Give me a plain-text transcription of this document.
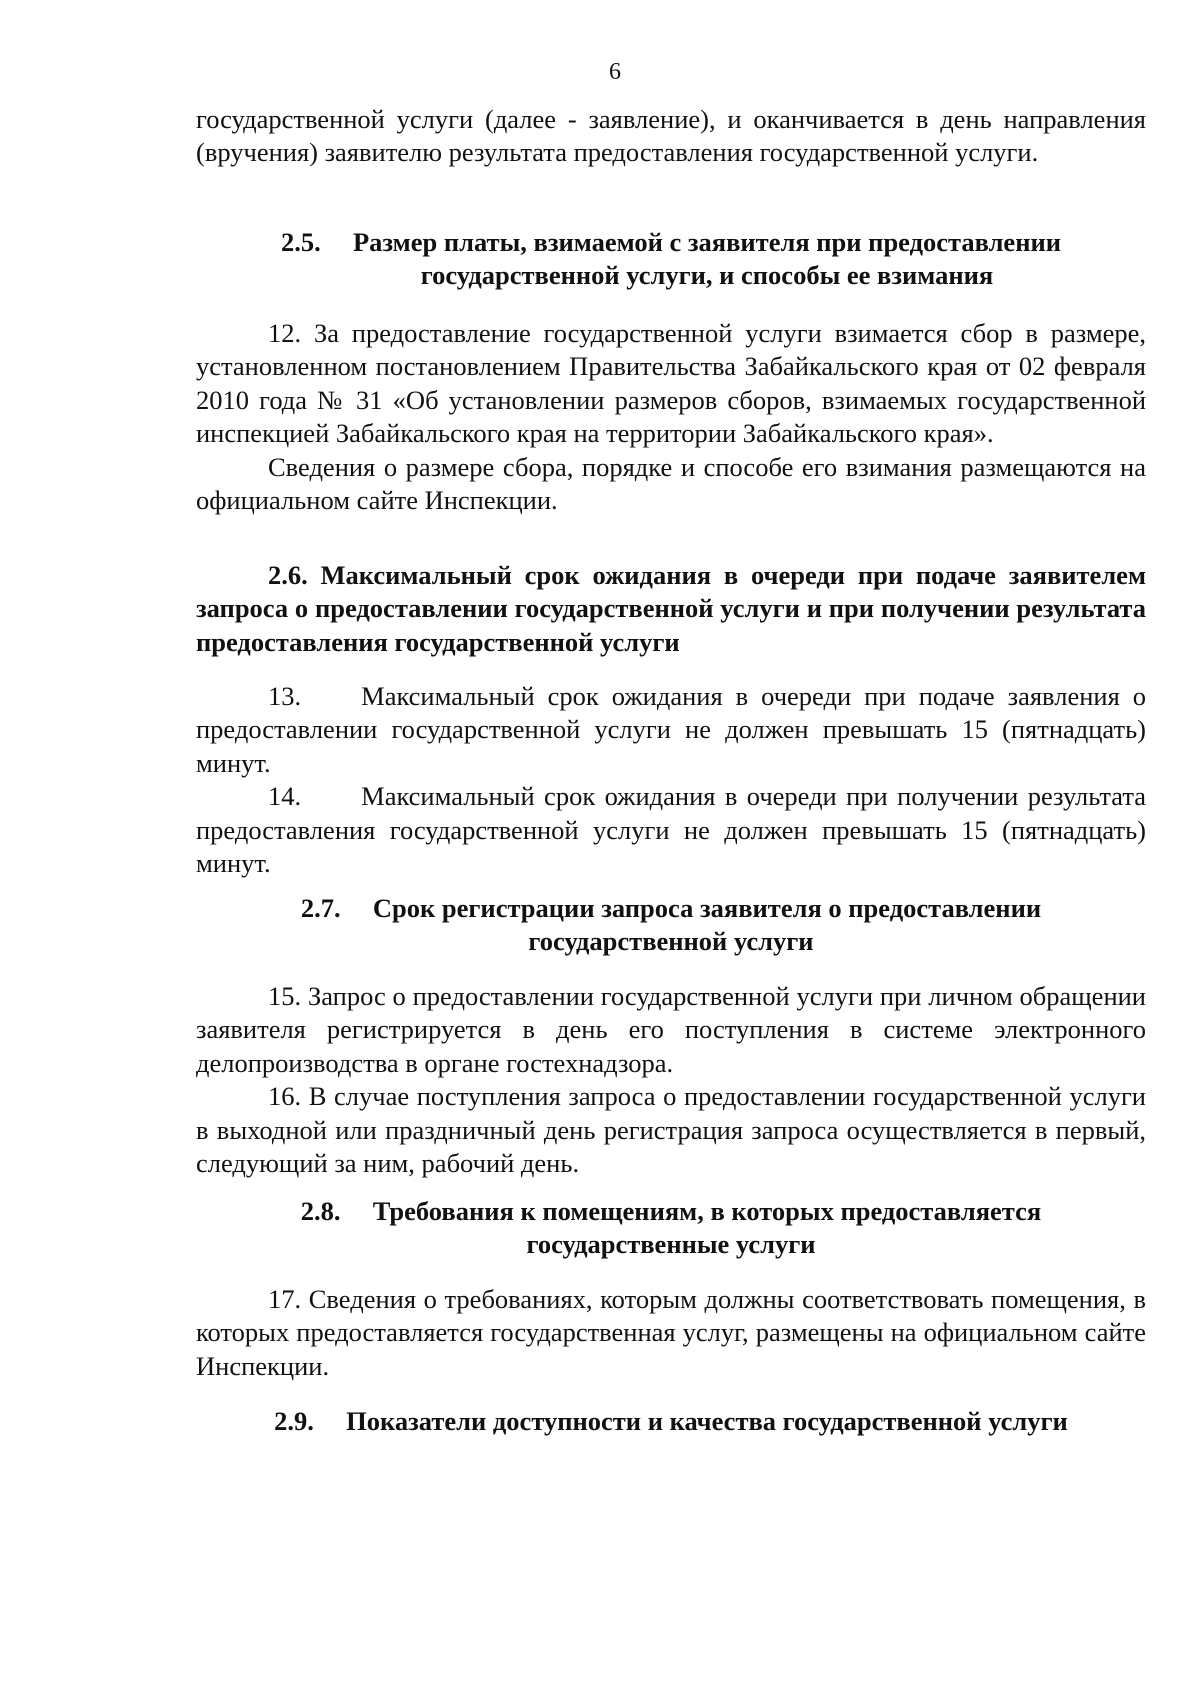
6

государственной услуги (далее - заявление), и оканчивается в день направления (вручения) заявителю результата предоставления государственной услуги.

2.5. Размер платы, взимаемой с заявителя при предоставлении
государственной услуги, и способы ее взимания

12. За предоставление государственной услуги взимается сбор в размере, установленном постановлением Правительства Забайкальского края от 02 февраля 2010 года № 31 «Об установлении размеров сборов, взимаемых государственной инспекцией Забайкальского края на территории Забайкальского края».

Сведения о размере сбора, порядке и способе его взимания размещаются на официальном сайте Инспекции.

2.6. Максимальный срок ожидания в очереди при подаче заявителем запроса о предоставлении государственной услуги и при получении результата предоставления государственной услуги

13. Максимальный срок ожидания в очереди при подаче заявления о предоставлении государственной услуги не должен превышать 15 (пятнадцать) минут.

14. Максимальный срок ожидания в очереди при получении результата предоставления государственной услуги не должен превышать 15 (пятнадцать) минут.

2.7. Срок регистрации запроса заявителя о предоставлении
государственной услуги

15. Запрос о предоставлении государственной услуги при личном обращении заявителя регистрируется в день его поступления в системе электронного делопроизводства в органе гостехнадзора.

16. В случае поступления запроса о предоставлении государственной услуги в выходной или праздничный день регистрация запроса осуществляется в первый, следующий за ним, рабочий день.

2.8. Требования к помещениям, в которых предоставляется
государственные услуги

17. Сведения о требованиях, которым должны соответствовать помещения, в которых предоставляется государственная услуг, размещены на официальном сайте Инспекции.

2.9. Показатели доступности и качества государственной услуги
